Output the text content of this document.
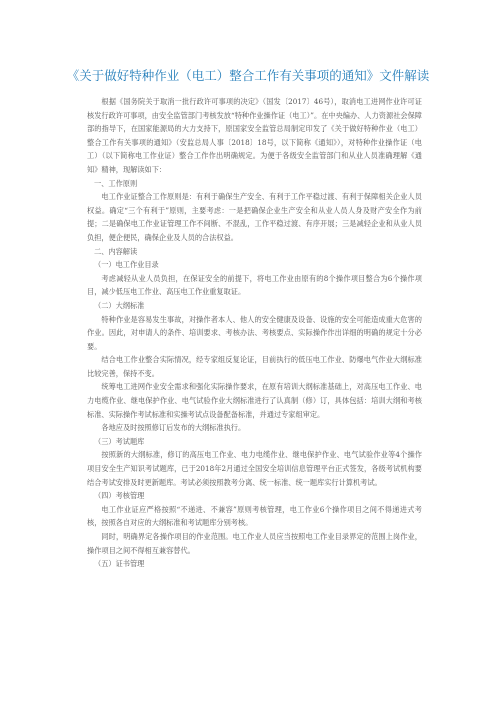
《关于做好特种作业（电工）整合工作有关事项的通知》文件解读

根据《国务院关于取消一批行政许可事项的决定》（国发〔2017〕46号），取消电工进网作业许可证核发行政许可事项，由安全监管部门考核发放“特种作业操作证（电工）”。在中央编办、人力资源社会保障部的指导下，在国家能源局的大力支持下，原国家安全监管总局制定印发了《关于做好特种作业（电工）整合工作有关事项的通知》（安监总局人事〔2018〕18号，以下简称《通知》），对特种作业操作证（电工）（以下简称电工作业证）整合工作作出明确规定。为便于各级安全监管部门和从业人员准确理解《通知》精神，现解读如下：

一、工作原则

电工作业证整合工作原则是：有利于确保生产安全、有利于工作平稳过渡、有利于保障相关企业人员权益。确定“三个有利于”原则，主要考虑：一是把确保企业生产安全和从业人员人身及财产安全作为前提；二是确保电工作业证管理工作不间断、不混乱，工作平稳过渡、有序开展；三是减轻企业和从业人员负担，便企便民，确保企业及人员的合法权益。

二、内容解读

（一）电工作业目录

考虑减轻从业人员负担，在保证安全的前提下，将电工作业由原有的8个操作项目整合为6个操作项目，减少低压电工作业、高压电工作业重复取证。

（二）大纲标准

特种作业是容易发生事故，对操作者本人、他人的安全健康及设备、设施的安全可能造成重大危害的作业。因此，对申请人的条件、培训要求、考核办法、考核要点、实际操作作出详细的明确的规定十分必要。

结合电工作业整合实际情况，经专家组反复论证，目前执行的低压电工作业、防爆电气作业大纲标准比较完善，保持不变。

统筹电工进网作业安全需求和强化实际操作要求，在原有培训大纲标准基础上，对高压电工作业、电力电缆作业、继电保护作业、电气试验作业大纲标准进行了认真制（修）订，具体包括：培训大纲和考核标准、实际操作考试标准和实操考试点设备配备标准，并通过专家组审定。

各地应及时按照修订后发布的大纲标准执行。

（三）考试题库

按照新的大纲标准，修订的高压电工作业、电力电缆作业、继电保护作业、电气试验作业等4个操作项目安全生产知识考试题库，已于2018年2月通过全国安全培训信息管理平台正式签发，各级考试机构要结合考试安排及时更新题库。考试必须按照教考分离、统一标准、统一题库实行计算机考试。

（四）考核管理

电工作业证应严格按照“不递进、不兼容”原则考核管理，电工作业6个操作项目之间不得递进式考核，按照各自对应的大纲标准和考试题库分别考核。

同时，明确界定各操作项目的作业范围。电工作业人员应当按照电工作业目录界定的范围上岗作业，操作项目之间不得相互兼容替代。

（五）证书管理
